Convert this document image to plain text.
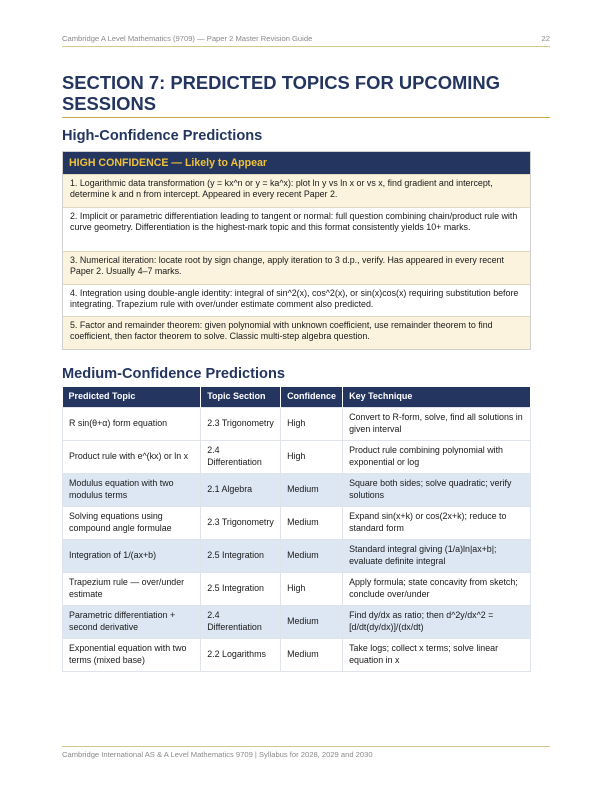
Cambridge A Level Mathematics (9709) — Paper 2 Master Revision Guide	22
SECTION 7: PREDICTED TOPICS FOR UPCOMING SESSIONS
High-Confidence Predictions
HIGH CONFIDENCE — Likely to Appear
1. Logarithmic data transformation (y = kx^n or y = ka^x): plot ln y vs ln x or vs x, find gradient and intercept, determine k and n from intercept. Appeared in every recent Paper 2.
2. Implicit or parametric differentiation leading to tangent or normal: full question combining chain/product rule with curve geometry. Differentiation is the highest-mark topic and this format consistently yields 10+ marks.
3. Numerical iteration: locate root by sign change, apply iteration to 3 d.p., verify. Has appeared in every recent Paper 2. Usually 4–7 marks.
4. Integration using double-angle identity: integral of sin^2(x), cos^2(x), or sin(x)cos(x) requiring substitution before integrating. Trapezium rule with over/under estimate comment also predicted.
5. Factor and remainder theorem: given polynomial with unknown coefficient, use remainder theorem to find coefficient, then factor theorem to solve. Classic multi-step algebra question.
Medium-Confidence Predictions
Predicted Topic	Topic Section	Confidence	Key Technique
R sin(θ+α) form equation	2.3 Trigonometry	High	Convert to R-form, solve, find all solutions in given interval
Product rule with e^(kx) or ln x	2.4 Differentiation	High	Product rule combining polynomial with exponential or log
Modulus equation with two modulus terms	2.1 Algebra	Medium	Square both sides; solve quadratic; verify solutions
Solving equations using compound angle formulae	2.3 Trigonometry	Medium	Expand sin(x+k) or cos(2x+k); reduce to standard form
Integration of 1/(ax+b)	2.5 Integration	Medium	Standard integral giving (1/a)ln|ax+b|; evaluate definite integral
Trapezium rule — over/under estimate	2.5 Integration	High	Apply formula; state concavity from sketch; conclude over/under
Parametric differentiation + second derivative	2.4 Differentiation	Medium	Find dy/dx as ratio; then d^2y/dx^2 = [d/dt(dy/dx)]/(dx/dt)
Exponential equation with two terms (mixed base)	2.2 Logarithms	Medium	Take logs; collect x terms; solve linear equation in x
Cambridge International AS & A Level Mathematics 9709 | Syllabus for 2028, 2029 and 2030
